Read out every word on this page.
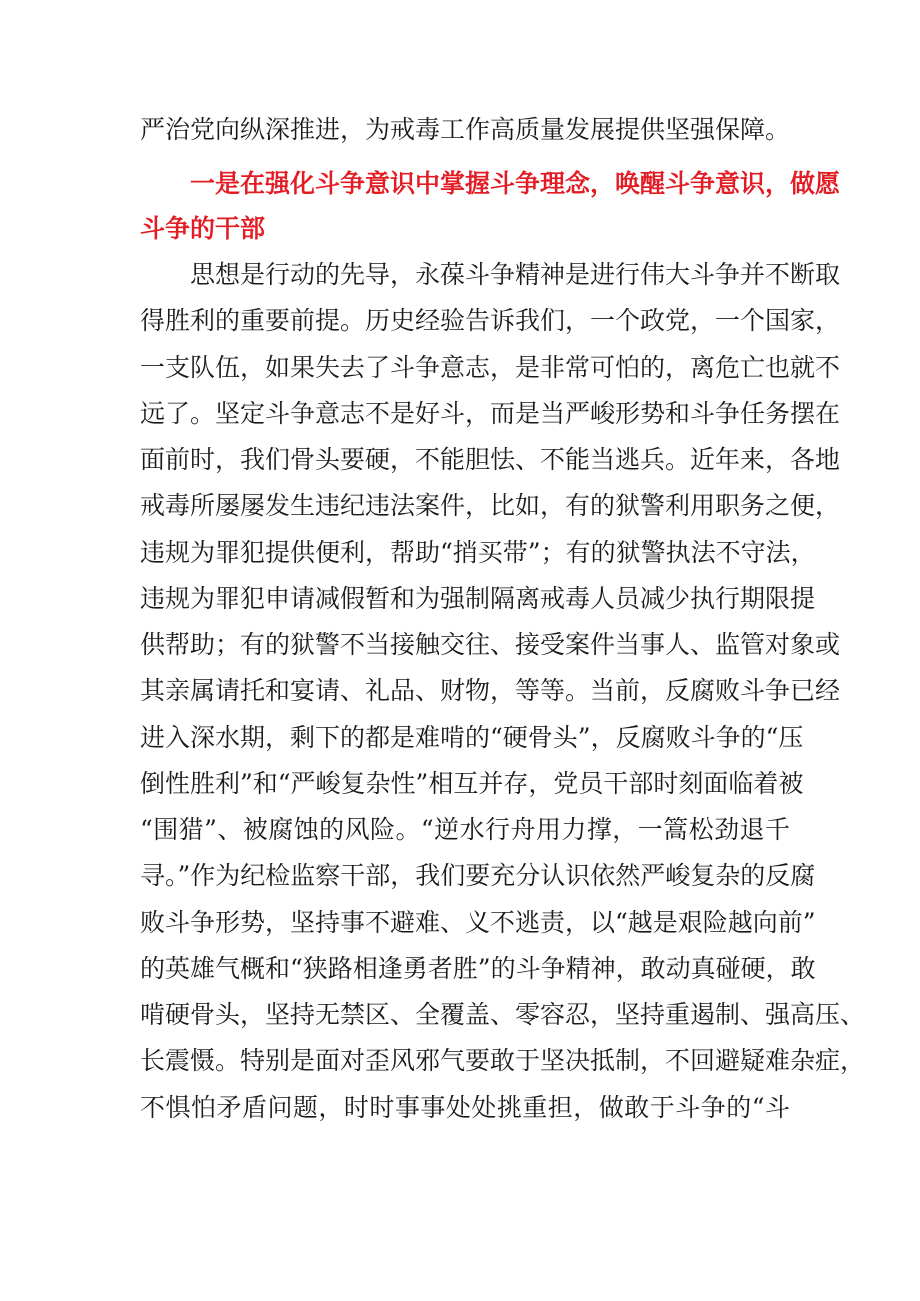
严治党向纵深推进，为戒毒工作高质量发展提供坚强保障。
一是在强化斗争意识中掌握斗争理念，唤醒斗争意识，做愿
斗争的干部
思想是行动的先导，永葆斗争精神是进行伟大斗争并不断取
得胜利的重要前提。历史经验告诉我们，一个政党，一个国家，
一支队伍，如果失去了斗争意志，是非常可怕的，离危亡也就不
远了。坚定斗争意志不是好斗，而是当严峻形势和斗争任务摆在
面前时，我们骨头要硬，不能胆怯、不能当逃兵。近年来，各地
戒毒所屡屡发生违纪违法案件，比如，有的狱警利用职务之便，
违规为罪犯提供便利，帮助“捎买带”；有的狱警执法不守法，
违规为罪犯申请减假暂和为强制隔离戒毒人员减少执行期限提
供帮助；有的狱警不当接触交往、接受案件当事人、监管对象或
其亲属请托和宴请、礼品、财物，等等。当前，反腐败斗争已经
进入深水期，剩下的都是难啃的“硬骨头”，反腐败斗争的“压
倒性胜利”和“严峻复杂性”相互并存，党员干部时刻面临着被
“围猎”、被腐蚀的风险。“逆水行舟用力撑，一篙松劲退千
寻。”作为纪检监察干部，我们要充分认识依然严峻复杂的反腐
败斗争形势，坚持事不避难、义不逃责，以“越是艰险越向前”
的英雄气概和“狭路相逢勇者胜”的斗争精神，敢动真碰硬，敢
啃硬骨头，坚持无禁区、全覆盖、零容忍，坚持重遏制、强高压、
长震慑。特别是面对歪风邪气要敢于坚决抵制，不回避疑难杂症，
不惧怕矛盾问题，时时事事处处挑重担，做敢于斗争的“斗
